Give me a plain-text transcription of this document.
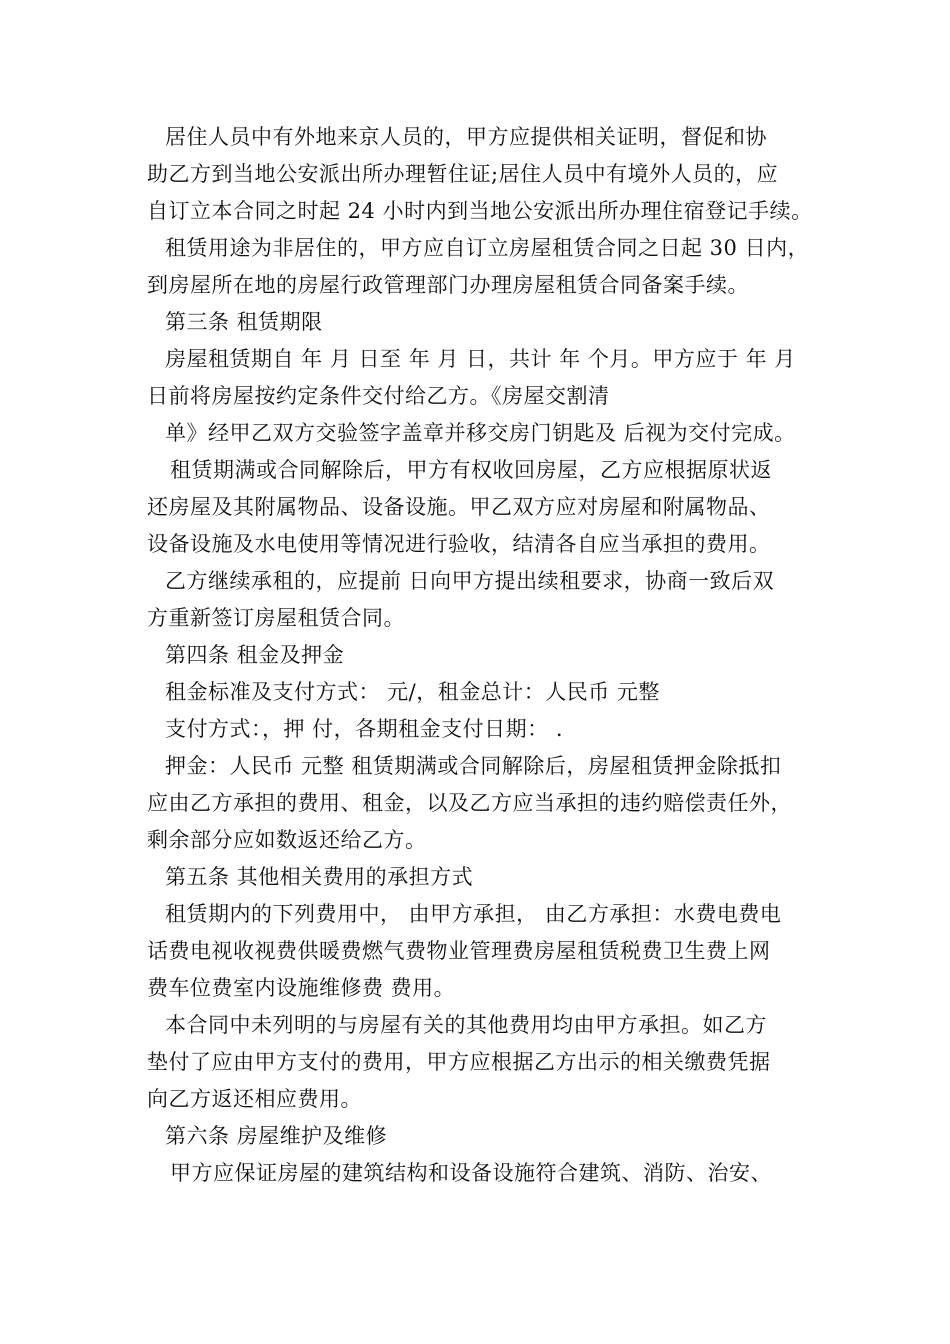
居住人员中有外地来京人员的，甲方应提供相关证明，督促和协
助乙方到当地公安派出所办理暂住证;居住人员中有境外人员的，应
自订立本合同之时起 24 小时内到当地公安派出所办理住宿登记手续。
租赁用途为非居住的，甲方应自订立房屋租赁合同之日起 30 日内，
到房屋所在地的房屋行政管理部门办理房屋租赁合同备案手续。
第三条 租赁期限
房屋租赁期自 年 月 日至 年 月 日，共计 年 个月。甲方应于 年 月
日前将房屋按约定条件交付给乙方。《房屋交割清
单》经甲乙双方交验签字盖章并移交房门钥匙及 后视为交付完成。
租赁期满或合同解除后，甲方有权收回房屋，乙方应根据原状返
还房屋及其附属物品、设备设施。甲乙双方应对房屋和附属物品、
设备设施及水电使用等情况进行验收，结清各自应当承担的费用。
乙方继续承租的，应提前 日向甲方提出续租要求，协商一致后双
方重新签订房屋租赁合同。
第四条 租金及押金
租金标准及支付方式： 元/，租金总计：人民币 元整
支付方式：，押 付，各期租金支付日期： .
押金：人民币 元整 租赁期满或合同解除后，房屋租赁押金除抵扣
应由乙方承担的费用、租金，以及乙方应当承担的违约赔偿责任外，
剩余部分应如数返还给乙方。
第五条 其他相关费用的承担方式
租赁期内的下列费用中， 由甲方承担， 由乙方承担：水费电费电
话费电视收视费供暖费燃气费物业管理费房屋租赁税费卫生费上网
费车位费室内设施维修费 费用。
本合同中未列明的与房屋有关的其他费用均由甲方承担。如乙方
垫付了应由甲方支付的费用，甲方应根据乙方出示的相关缴费凭据
向乙方返还相应费用。
第六条 房屋维护及维修
甲方应保证房屋的建筑结构和设备设施符合建筑、消防、治安、
